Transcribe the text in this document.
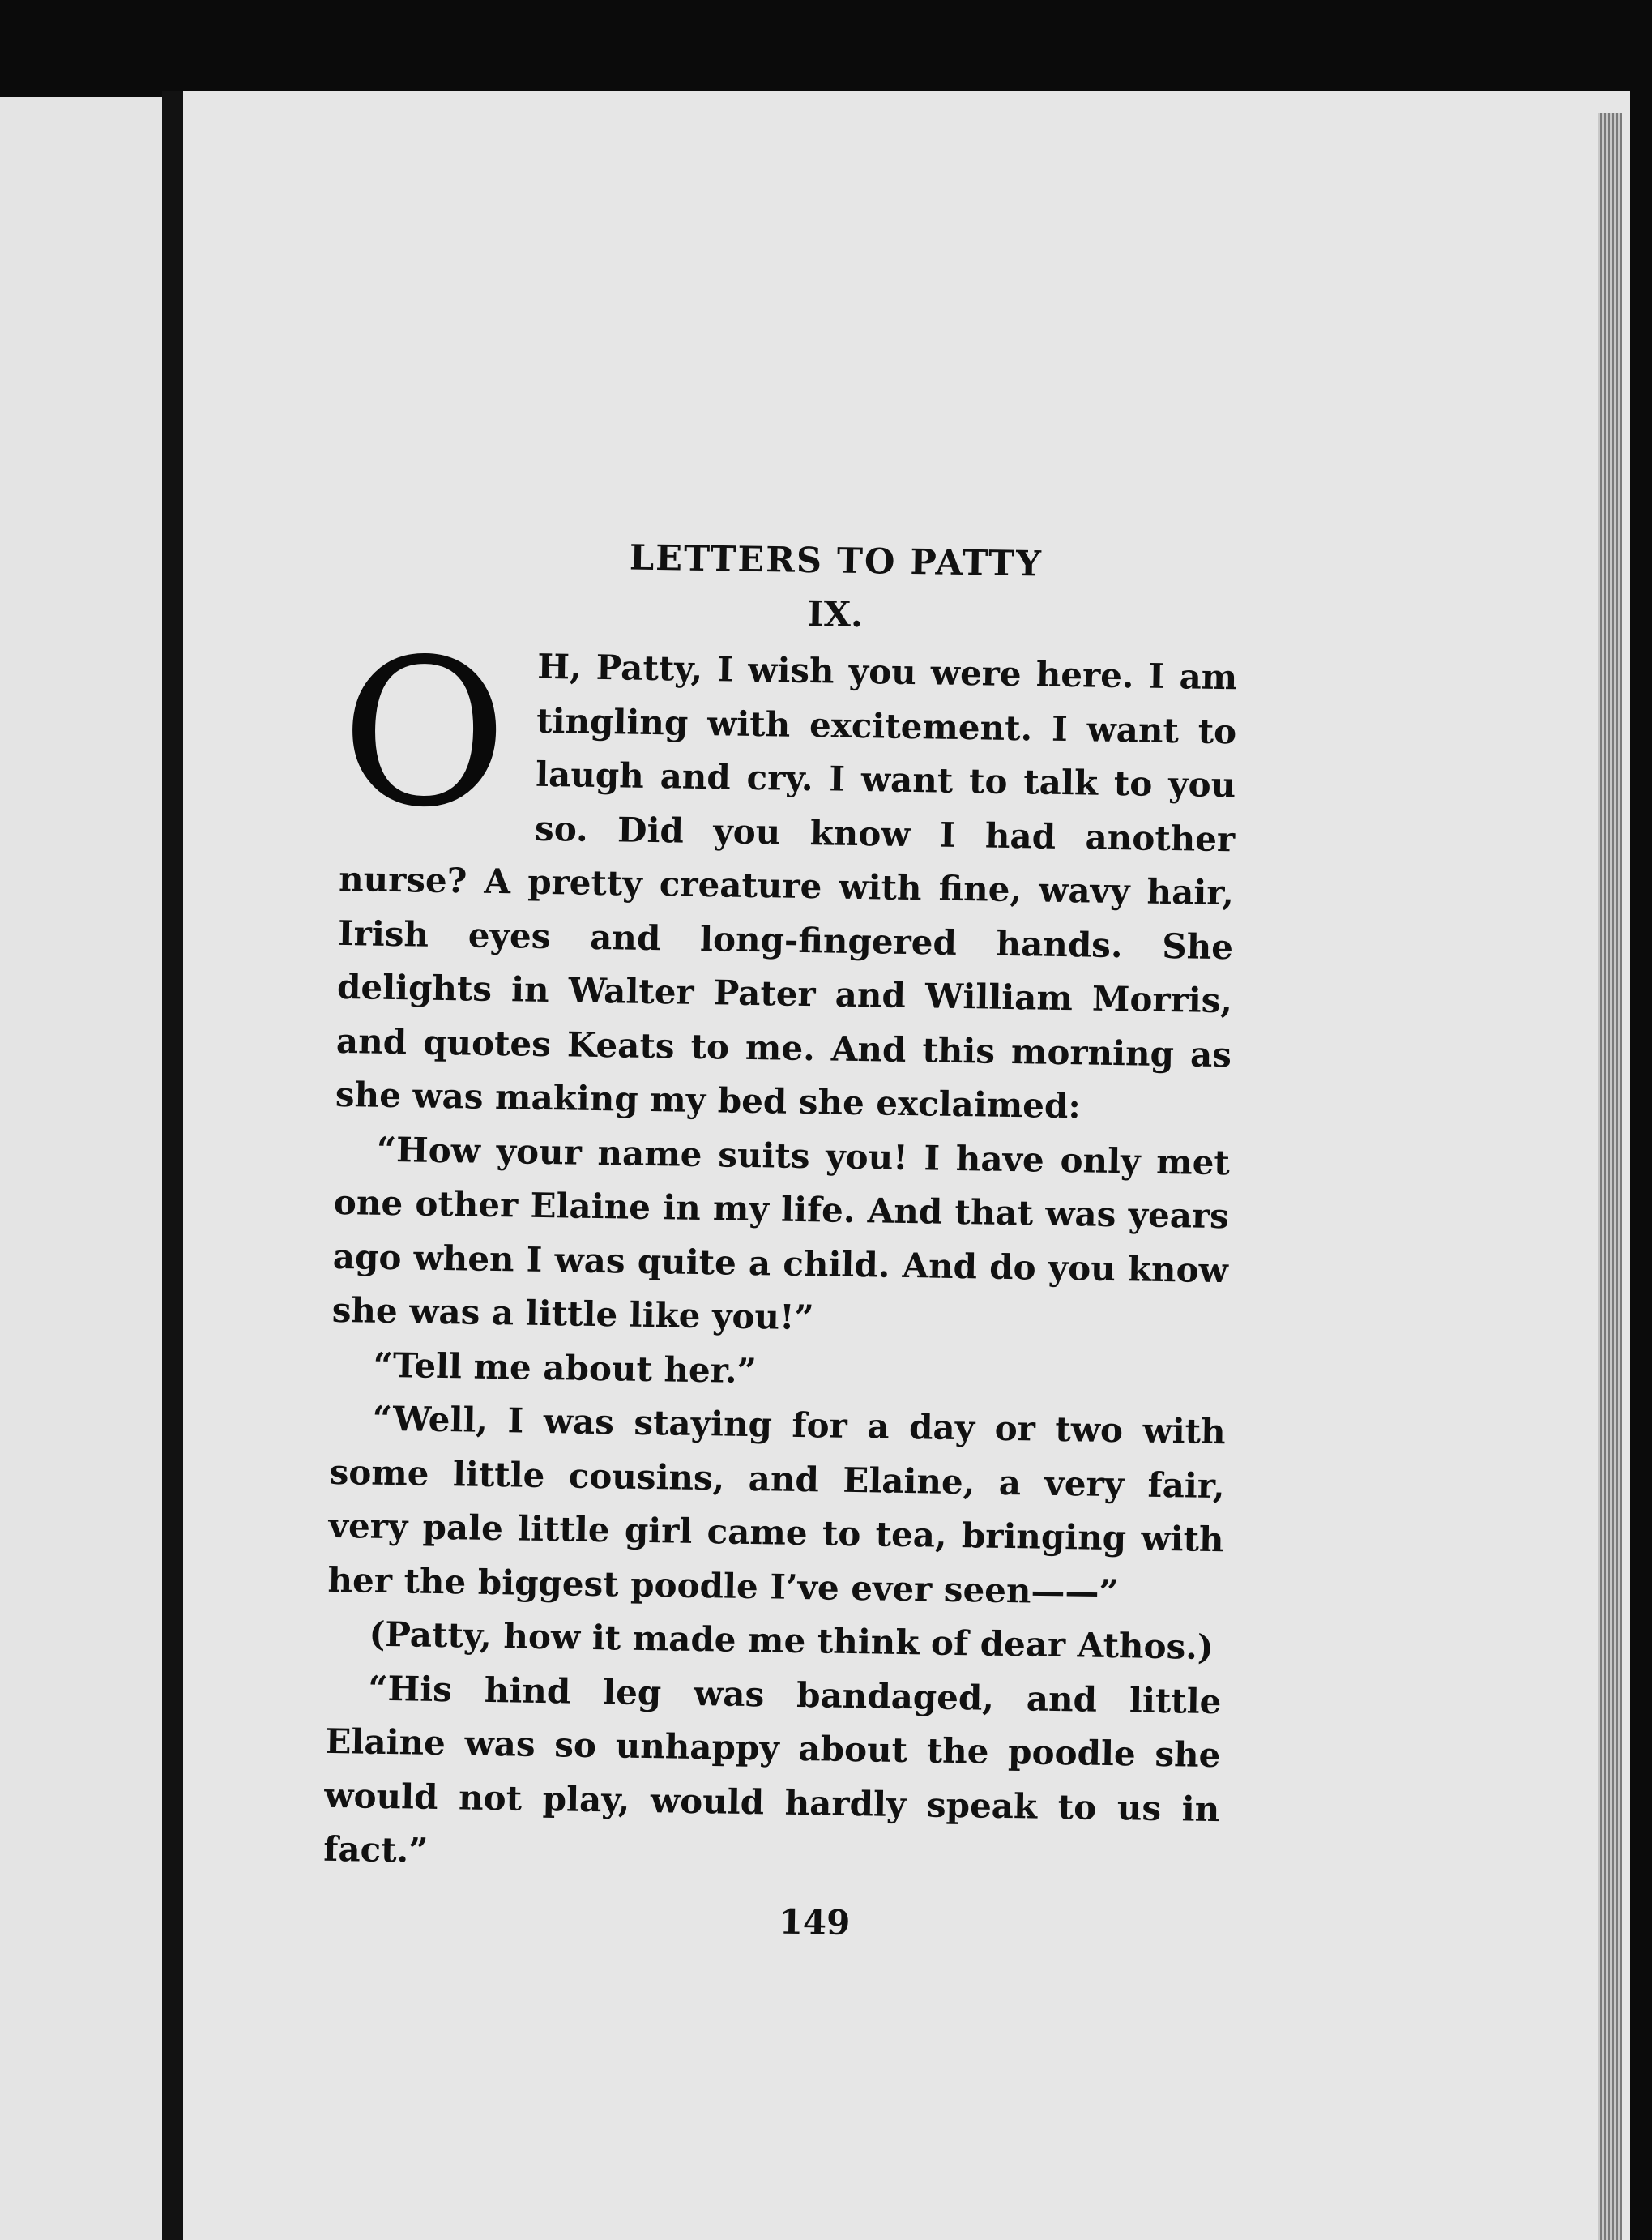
LETTERS TO PATTY
IX.

O H, Patty, I wish you were here. I am tingling with excitement. I want to laugh and cry. I want to talk to you so. Did you know I had another nurse? A pretty creature with fine, wavy hair, Irish eyes and long-fingered hands. She delights in Walter Pater and William Morris, and quotes Keats to me. And this morning as she was making my bed she exclaimed:

“How your name suits you! I have only met one other Elaine in my life. And that was years ago when I was quite a child. And do you know she was a little like you!”

“Tell me about her.”

“Well, I was staying for a day or two with some little cousins, and Elaine, a very fair, very pale little girl came to tea, bringing with her the biggest poodle I’ve ever seen——”

(Patty, how it made me think of dear Athos.)

“His hind leg was bandaged, and little Elaine was so unhappy about the poodle she would not play, would hardly speak to us in fact.”

149
